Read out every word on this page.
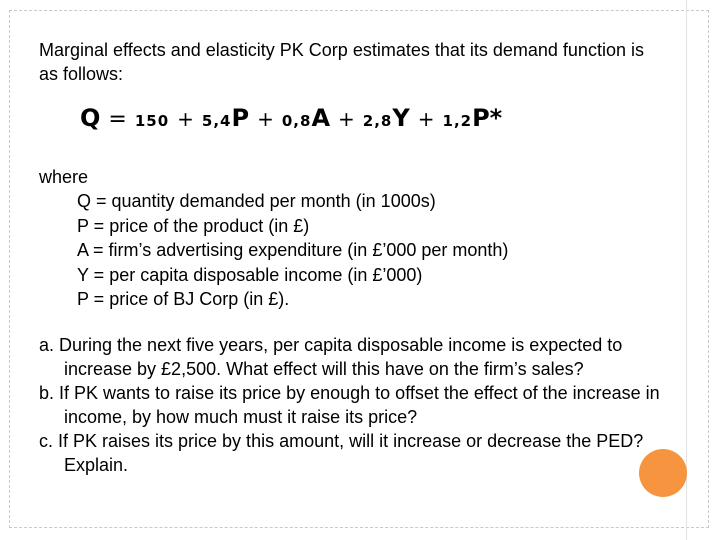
Marginal effects and elasticity PK Corp estimates that its demand function is as follows:
Q = 150 + 5,4P + 0,8A + 2,8Y + 1,2P*
where
Q = quantity demanded per month (in 1000s)
P = price of the product (in £)
A = firm’s advertising expenditure (in £’000 per month)
Y = per capita disposable income (in £’000)
P = price of BJ Corp (in £).
a. During the next five years, per capita disposable income is expected to increase by £2,500. What effect will this have on the firm’s sales?
b. If PK wants to raise its price by enough to offset the effect of the increase in income, by how much must it raise its price?
c. If PK raises its price by this amount, will it increase or decrease the PED? Explain.
